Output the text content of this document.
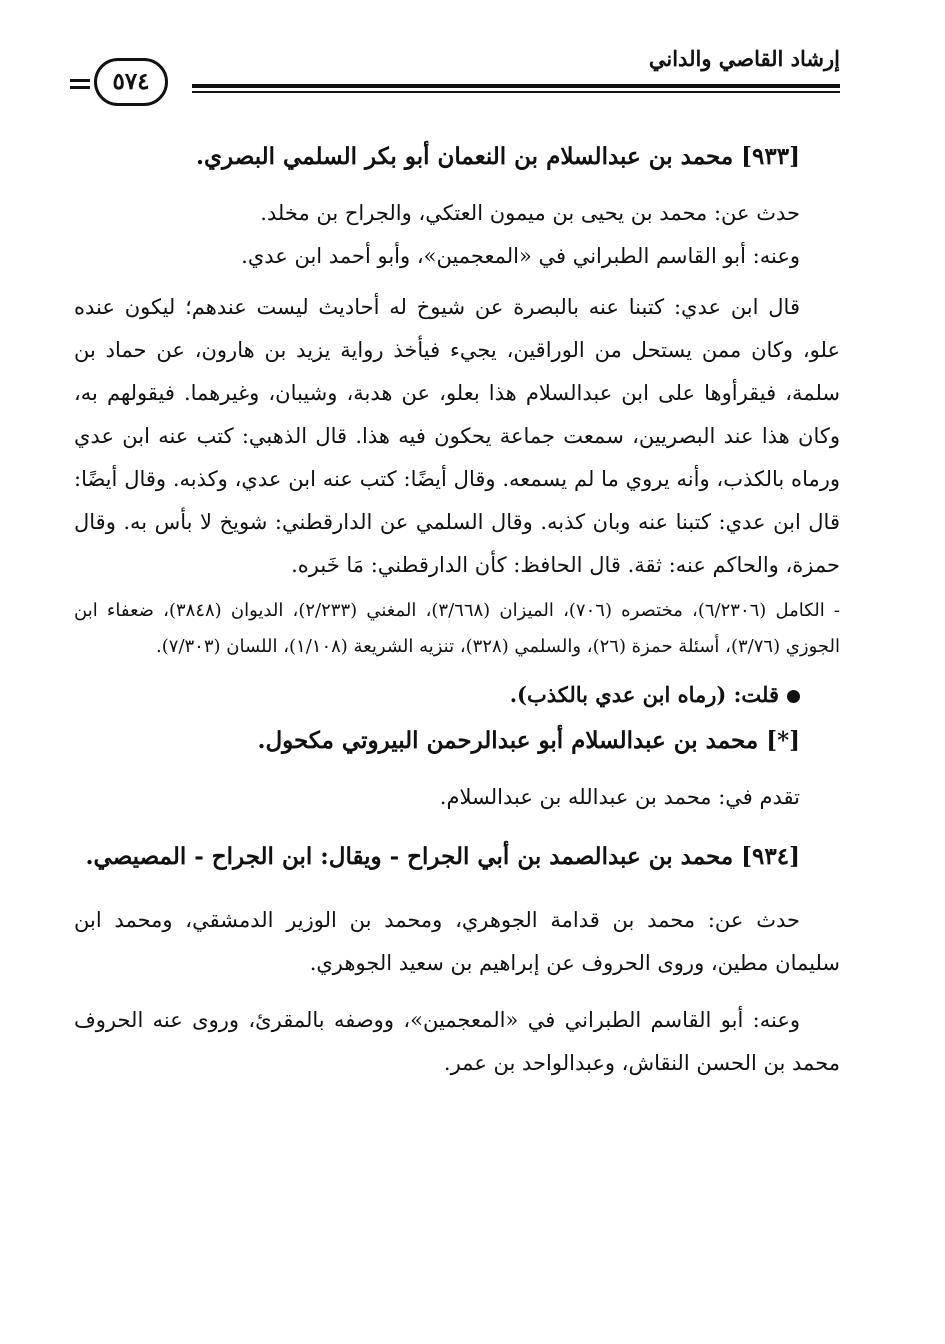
إرشاد القاصي والداني
٥٧٤

[٩٣٣] محمد بن عبدالسلام بن النعمان أبو بكر السلمي البصري.

حدث عن: محمد بن يحيى بن ميمون العتكي، والجراح بن مخلد.

وعنه: أبو القاسم الطبراني في «المعجمين»، وأبو أحمد ابن عدي.

قال ابن عدي: كتبنا عنه بالبصرة عن شيوخ له أحاديث ليست عندهم؛ ليكون عنده علو، وكان ممن يستحل من الوراقين، يجيء فيأخذ رواية يزيد بن هارون، عن حماد بن سلمة، فيقرأوها على ابن عبدالسلام هذا بعلو، عن هدبة، وشيبان، وغيرهما. فيقولهم به، وكان هذا عند البصريين، سمعت جماعة يحكون فيه هذا. قال الذهبي: كتب عنه ابن عدي ورماه بالكذب، وأنه يروي ما لم يسمعه. وقال أيضًا: كتب عنه ابن عدي، وكذبه. وقال أيضًا: قال ابن عدي: كتبنا عنه وبان كذبه. وقال السلمي عن الدارقطني: شويخ لا بأس به. وقال حمزة، والحاكم عنه: ثقة. قال الحافظ: كأن الدارقطني: مَا خَبره.

- الكامل (٦/٢٣٠٦)، مختصره (٧٠٦)، الميزان (٣/٦٦٨)، المغني (٢/٢٣٣)، الديوان (٣٨٤٨)، ضعفاء ابن الجوزي (٣/٧٦)، أسئلة حمزة (٢٦)، والسلمي (٣٢٨)، تنزيه الشريعة (١/١٠٨)، اللسان (٧/٣٠٣).

قلت: (رماه ابن عدي بالكذب).

[*] محمد بن عبدالسلام أبو عبدالرحمن البيروتي مكحول.

تقدم في: محمد بن عبدالله بن عبدالسلام.

[٩٣٤] محمد بن عبدالصمد بن أبي الجراح - ويقال: ابن الجراح - المصيصي.

حدث عن: محمد بن قدامة الجوهري، ومحمد بن الوزير الدمشقي، ومحمد ابن سليمان مطين، وروى الحروف عن إبراهيم بن سعيد الجوهري.

وعنه: أبو القاسم الطبراني في «المعجمين»، ووصفه بالمقرئ، وروى عنه الحروف محمد بن الحسن النقاش، وعبدالواحد بن عمر.
